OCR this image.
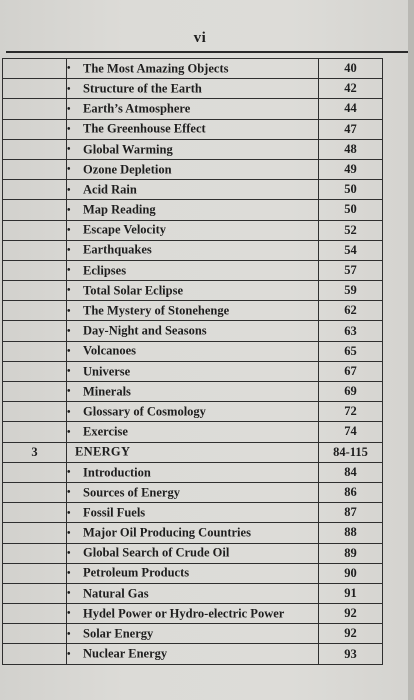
vi
	• The Most Amazing Objects	40
	• Structure of the Earth	42
	• Earth’s Atmosphere	44
	• The Greenhouse Effect	47
	• Global Warming	48
	• Ozone Depletion	49
	• Acid Rain	50
	• Map Reading	50
	• Escape Velocity	52
	• Earthquakes	54
	• Eclipses	57
	• Total Solar Eclipse	59
	• The Mystery of Stonehenge	62
	• Day-Night and Seasons	63
	• Volcanoes	65
	• Universe	67
	• Minerals	69
	• Glossary of Cosmology	72
	• Exercise	74
3	ENERGY	84-115
	• Introduction	84
	• Sources of Energy	86
	• Fossil Fuels	87
	• Major Oil Producing Countries	88
	• Global Search of Crude Oil	89
	• Petroleum Products	90
	• Natural Gas	91
	• Hydel Power or Hydro-electric Power	92
	• Solar Energy	92
	• Nuclear Energy	93
